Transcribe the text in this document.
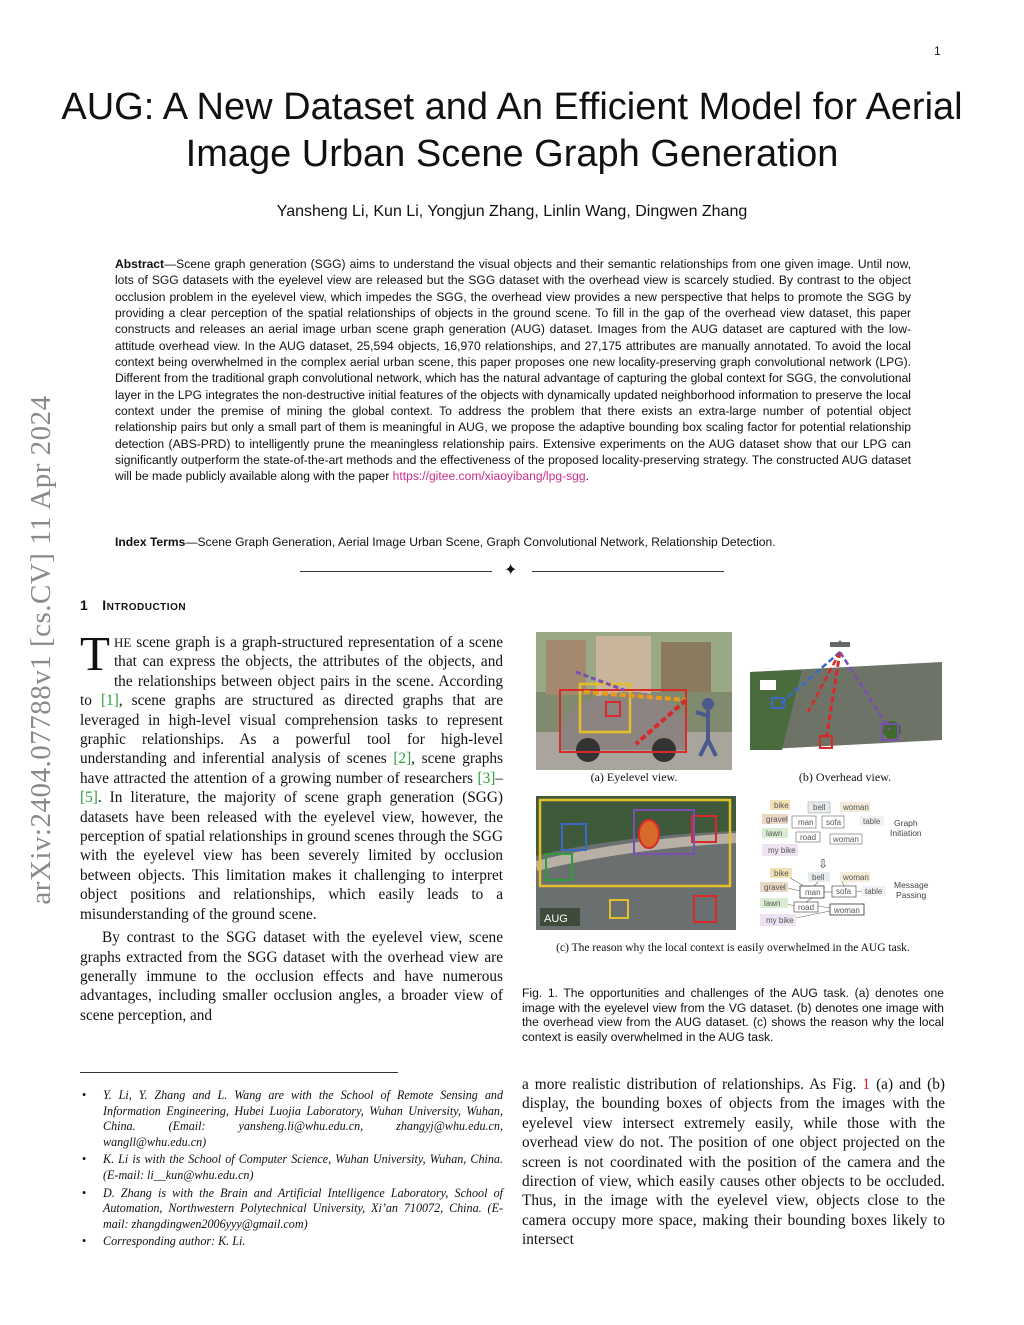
1
arXiv:2404.07788v1 [cs.CV] 11 Apr 2024
AUG: A New Dataset and An Efficient Model for Aerial Image Urban Scene Graph Generation
Yansheng Li, Kun Li, Yongjun Zhang, Linlin Wang, Dingwen Zhang
Abstract—Scene graph generation (SGG) aims to understand the visual objects and their semantic relationships from one given image. Until now, lots of SGG datasets with the eyelevel view are released but the SGG dataset with the overhead view is scarcely studied. By contrast to the object occlusion problem in the eyelevel view, which impedes the SGG, the overhead view provides a new perspective that helps to promote the SGG by providing a clear perception of the spatial relationships of objects in the ground scene. To fill in the gap of the overhead view dataset, this paper constructs and releases an aerial image urban scene graph generation (AUG) dataset. Images from the AUG dataset are captured with the low-attitude overhead view. In the AUG dataset, 25,594 objects, 16,970 relationships, and 27,175 attributes are manually annotated. To avoid the local context being overwhelmed in the complex aerial urban scene, this paper proposes one new locality-preserving graph convolutional network (LPG). Different from the traditional graph convolutional network, which has the natural advantage of capturing the global context for SGG, the convolutional layer in the LPG integrates the non-destructive initial features of the objects with dynamically updated neighborhood information to preserve the local context under the premise of mining the global context. To address the problem that there exists an extra-large number of potential object relationship pairs but only a small part of them is meaningful in AUG, we propose the adaptive bounding box scaling factor for potential relationship detection (ABS-PRD) to intelligently prune the meaningless relationship pairs. Extensive experiments on the AUG dataset show that our LPG can significantly outperform the state-of-the-art methods and the effectiveness of the proposed locality-preserving strategy. The constructed AUG dataset will be made publicly available along with the paper https://gitee.com/xiaoyibang/lpg-sgg.
Index Terms—Scene Graph Generation, Aerial Image Urban Scene, Graph Convolutional Network, Relationship Detection.
✦
1 Introduction

THE scene graph is a graph-structured representation of a scene that can express the objects, the attributes of the objects, and the relationships between object pairs in the scene. According to [1], scene graphs are structured as directed graphs that are leveraged in high-level visual comprehension tasks to represent graphic relationships. As a powerful tool for high-level understanding and inferential analysis of scenes [2], scene graphs have attracted the attention of a growing number of researchers [3]–[5]. In literature, the majority of scene graph generation (SGG) datasets have been released with the eyelevel view, however, the perception of spatial relationships in ground scenes through the SGG with the eyelevel view has been severely limited by occlusion between objects. This limitation makes it challenging to interpret object positions and relationships, which easily leads to a misunderstanding of the ground scene.

By contrast to the SGG dataset with the eyelevel view, scene graphs extracted from the SGG dataset with the overhead view are generally immune to the occlusion effects and have numerous advantages, including smaller occlusion angles, a broader view of scene perception, and

• Y. Li, Y. Zhang and L. Wang are with the School of Remote Sensing and Information Engineering, Hubei Luojia Laboratory, Wuhan University, Wuhan, China. (Email: yansheng.li@whu.edu.cn, zhangyj@whu.edu.cn, wangll@whu.edu.cn)
• K. Li is with the School of Computer Science, Wuhan University, Wuhan, China. (E-mail: li__kun@whu.edu.cn)
• D. Zhang is with the Brain and Artificial Intelligence Laboratory, School of Automation, Northwestern Polytechnical University, Xi’an 710072, China. (E-mail: zhangdingwen2006yyy@gmail.com)
• Corresponding author: K. Li.
(a) Eyelevel view.	(b) Overhead view.
AUG
bike	bell woman
gravel man sofa
lawn road woman
my bike
table Graph
Initiation
⇩
bike	bell woman
gravel
man sofa table
lawn road woman
my bike
Message
Passing
(c) The reason why the local context is easily overwhelmed in the AUG task.
Fig. 1. The opportunities and challenges of the AUG task. (a) denotes one image with the eyelevel view from the VG dataset. (b) denotes one image with the overhead view from the AUG dataset. (c) shows the reason why the local context is easily overwhelmed in the AUG task.

a more realistic distribution of relationships. As Fig. 1 (a) and (b) display, the bounding boxes of objects from the images with the eyelevel view intersect extremely easily, while those with the overhead view do not. The position of one object projected on the screen is not coordinated with the position of the camera and the direction of view, which easily causes other objects to be occluded. Thus, in the image with the eyelevel view, objects close to the camera occupy more space, making their bounding boxes likely to intersect
